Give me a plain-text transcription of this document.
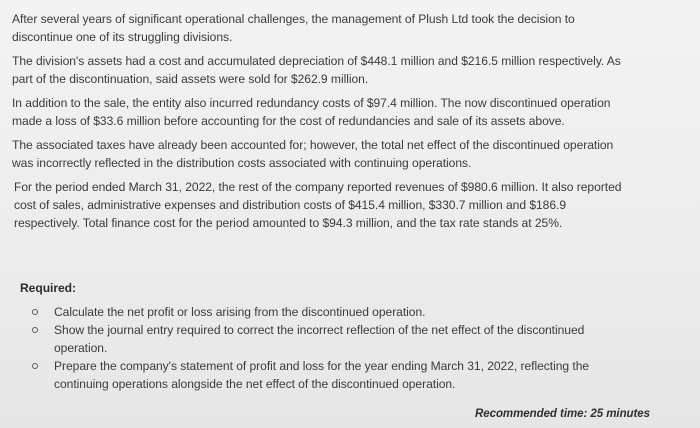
After several years of significant operational challenges, the management of Plush Ltd took the decision to
discontinue one of its struggling divisions.
The division's assets had a cost and accumulated depreciation of $448.1 million and $216.5 million respectively. As
part of the discontinuation, said assets were sold for $262.9 million.
In addition to the sale, the entity also incurred redundancy costs of $97.4 million. The now discontinued operation
made a loss of $33.6 million before accounting for the cost of redundancies and sale of its assets above.
The associated taxes have already been accounted for; however, the total net effect of the discontinued operation
was incorrectly reflected in the distribution costs associated with continuing operations.
For the period ended March 31, 2022, the rest of the company reported revenues of $980.6 million. It also reported
cost of sales, administrative expenses and distribution costs of $415.4 million, $330.7 million and $186.9
respectively. Total finance cost for the period amounted to $94.3 million, and the tax rate stands at 25%.
Required:
Calculate the net profit or loss arising from the discontinued operation.
Show the journal entry required to correct the incorrect reflection of the net effect of the discontinued
operation.
Prepare the company's statement of profit and loss for the year ending March 31, 2022, reflecting the
continuing operations alongside the net effect of the discontinued operation.
Recommended time: 25 minutes
